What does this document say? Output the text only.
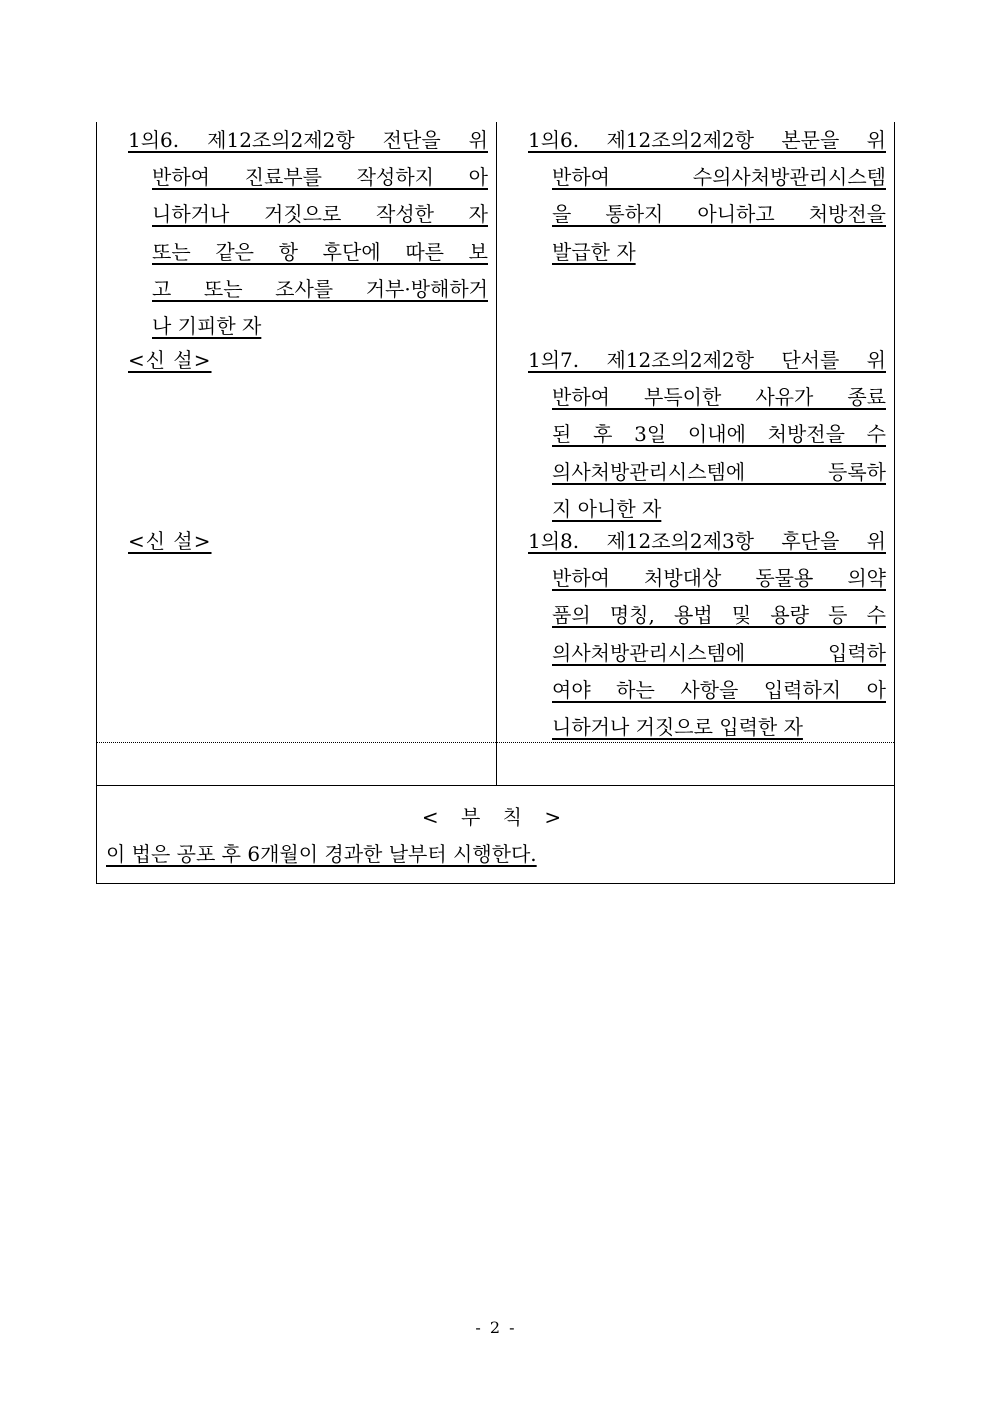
1의6. 제12조의2제2항 전단을 위
반하여 진료부를 작성하지 아
니하거나 거짓으로 작성한 자
또는 같은 항 후단에 따른 보
고 또는 조사를 거부·방해하거
나 기피한 자
<신 설>
<신 설>
1의6. 제12조의2제2항 본문을 위
반하여 수의사처방관리시스템
을 통하지 아니하고 처방전을
발급한 자
1의7. 제12조의2제2항 단서를 위
반하여 부득이한 사유가 종료
된 후 3일 이내에 처방전을 수
의사처방관리시스템에 등록하
지 아니한 자
1의8. 제12조의2제3항 후단을 위
반하여 처방대상 동물용 의약
품의 명칭, 용법 및 용량 등 수
의사처방관리시스템에 입력하
여야 하는 사항을 입력하지 아
니하거나 거짓으로 입력한 자
< 부 칙 >
이 법은 공포 후 6개월이 경과한 날부터 시행한다.
- 2 -
